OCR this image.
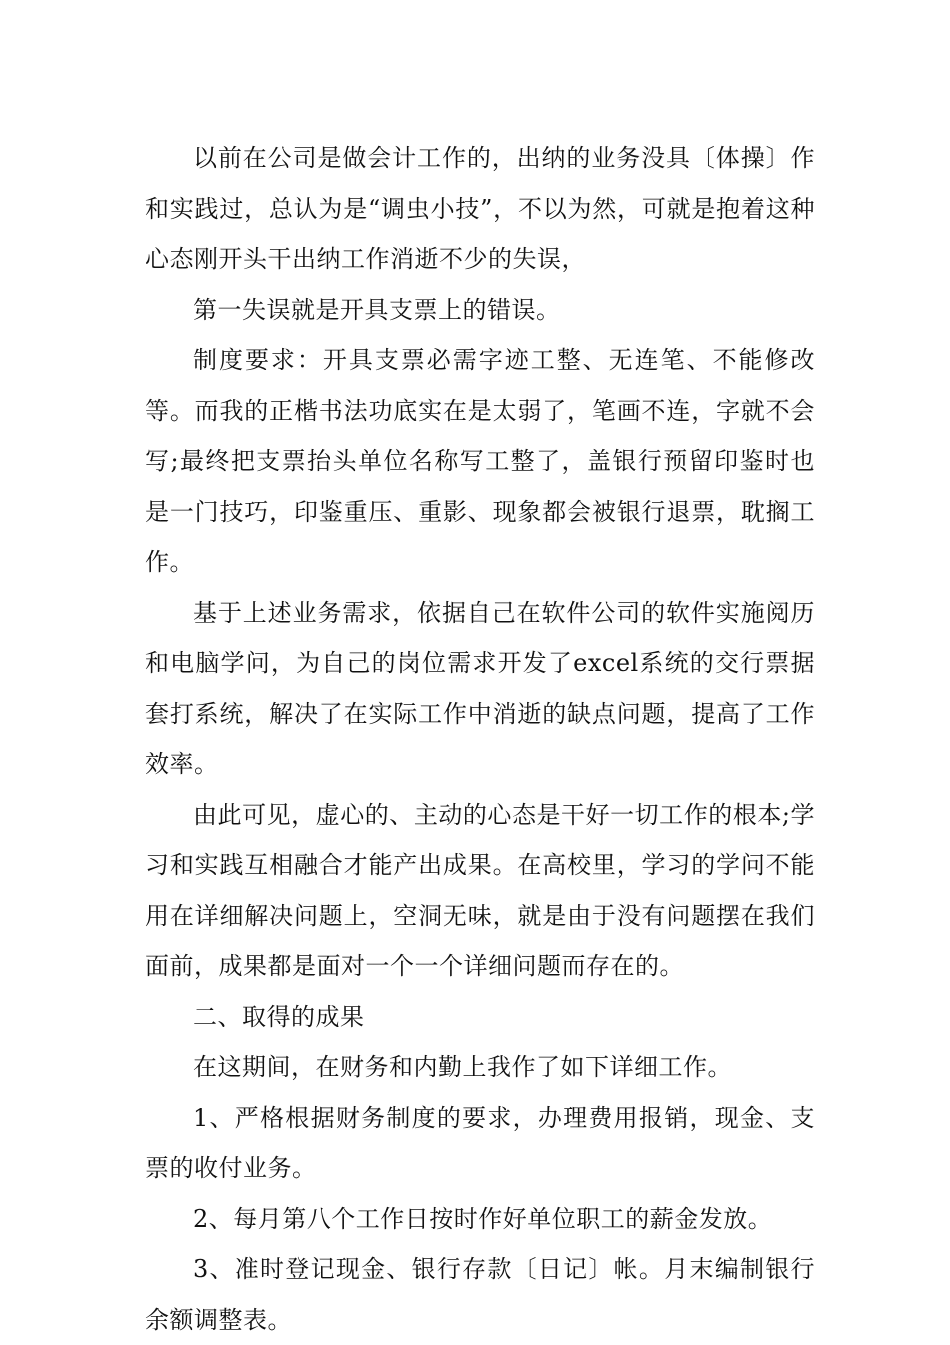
以前在公司是做会计工作的，出纳的业务没具〔体操〕作和实践过，总认为是“调虫小技”，不以为然，可就是抱着这种心态刚开头干出纳工作消逝不少的失误，

第一失误就是开具支票上的错误。

制度要求：开具支票必需字迹工整、无连笔、不能修改等。而我的正楷书法功底实在是太弱了，笔画不连，字就不会写;最终把支票抬头单位名称写工整了，盖银行预留印鉴时也是一门技巧，印鉴重压、重影、现象都会被银行退票，耽搁工作。

基于上述业务需求，依据自己在软件公司的软件实施阅历和电脑学问，为自己的岗位需求开发了excel系统的交行票据套打系统，解决了在实际工作中消逝的缺点问题，提高了工作效率。

由此可见，虚心的、主动的心态是干好一切工作的根本;学习和实践互相融合才能产出成果。在高校里，学习的学问不能用在详细解决问题上，空洞无味，就是由于没有问题摆在我们面前，成果都是面对一个一个详细问题而存在的。

二、取得的成果

在这期间，在财务和内勤上我作了如下详细工作。

1、严格根据财务制度的要求，办理费用报销，现金、支票的收付业务。

2、每月第八个工作日按时作好单位职工的薪金发放。

3、准时登记现金、银行存款〔日记〕帐。月末编制银行余额调整表。
